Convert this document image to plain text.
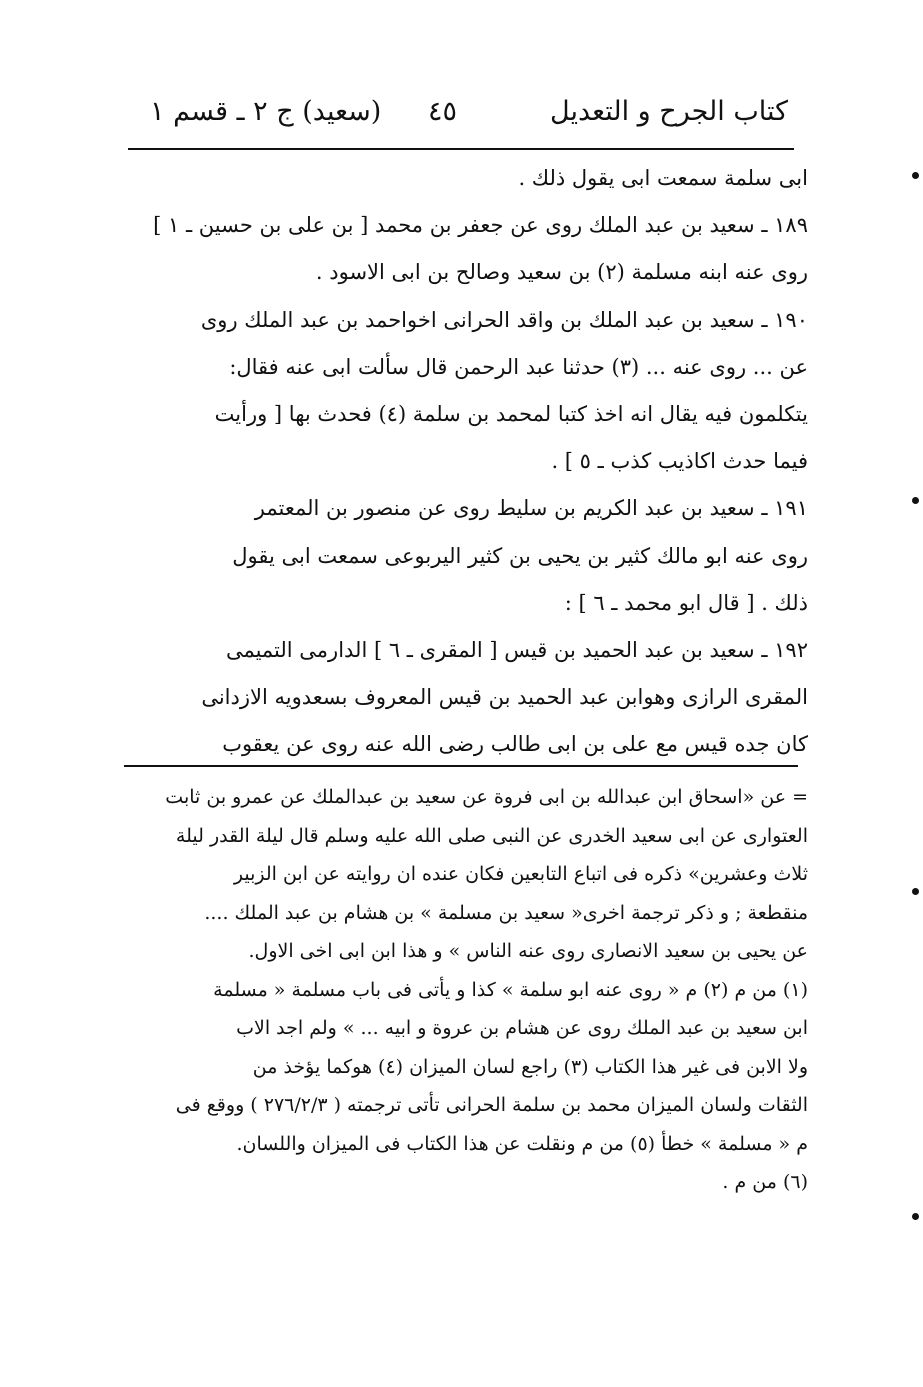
كتاب الجرح و التعديل
٤٥
(سعيد) ج ٢ ـ قسم ١
ابى سلمة سمعت ابى يقول ذلك .
١٨٩ ـ سعيد بن عبد الملك روى عن جعفر بن محمد [ بن على بن حسين ـ ١ ]
روى عنه ابنه مسلمة (٢) بن سعيد وصالح بن ابى الاسود .
١٩٠ ـ سعيد بن عبد الملك بن واقد الحرانى اخواحمد بن عبد الملك روى
عن ... روى عنه ... (٣) حدثنا عبد الرحمن قال سألت ابى عنه فقال:
يتكلمون فيه يقال انه اخذ كتبا لمحمد بن سلمة (٤) فحدث بها [ ورأيت
فيما حدث اكاذيب كذب ـ ٥ ] .
١٩١ ـ سعيد بن عبد الكريم بن سليط روى عن منصور بن المعتمر
روى عنه ابو مالك كثير بن يحيى بن كثير اليربوعى سمعت ابى يقول
ذلك . [ قال ابو محمد ـ ٦ ] :
١٩٢ ـ سعيد بن عبد الحميد بن قيس [ المقرى ـ ٦ ] الدارمى التميمى
المقرى الرازى وهوابن عبد الحميد بن قيس المعروف بسعدويه الازدانى
كان جده قيس مع على بن ابى طالب رضى الله عنه روى عن يعقوب
= عن «اسحاق ابن عبدالله بن ابى فروة عن سعيد بن عبدالملك عن عمرو بن ثابت
العتوارى عن ابى سعيد الخدرى عن النبى صلى الله عليه وسلم قال ليلة القدر ليلة
ثلاث وعشرين» ذكره فى اتباع التابعين فكان عنده ان روايته عن ابن الزبير
منقطعة ; و ذكر ترجمة اخرى« سعيد بن مسلمة » بن هشام بن عبد الملك ....
عن يحيى بن سعيد الانصارى روى عنه الناس » و هذا ابن ابى اخى الاول.
(١) من م (٢) م « روى عنه ابو سلمة » كذا و يأتى فى باب مسلمة « مسلمة
ابن سعيد بن عبد الملك روى عن هشام بن عروة و ابيه ... » ولم اجد الاب
ولا الابن فى غير هذا الكتاب (٣) راجع لسان الميزان (٤) هوكما يؤخذ من
الثقات ولسان الميزان محمد بن سلمة الحرانى تأتى ترجمته ( ٢٧٦/٢/٣ ) ووقع فى
م « مسلمة » خطأ (٥) من م ونقلت عن هذا الكتاب فى الميزان واللسان.
(٦) من م .
